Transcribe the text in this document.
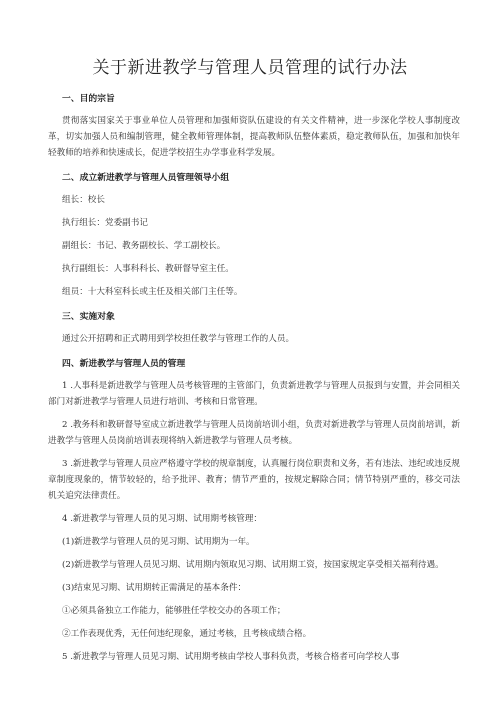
关于新进教学与管理人员管理的试行办法
一、目的宗旨
贯彻落实国家关于事业单位人员管理和加强师资队伍建设的有关文件精神，进一步深化学校人事制度改革，切实加强人员和编制管理，健全教师管理体制，提高教师队伍整体素质，稳定教师队伍，加强和加快年轻教师的培养和快速成长，促进学校招生办学事业科学发展。
二、成立新进教学与管理人员管理领导小组
组长：校长
执行组长：党委副书记
副组长：书记、教务副校长、学工副校长。
执行副组长：人事科科长、教研督导室主任。
组员：十大科室科长或主任及相关部门主任等。
三、实施对象
通过公开招聘和正式聘用到学校担任教学与管理工作的人员。
四、新进教学与管理人员的管理
1 .人事科是新进教学与管理人员考核管理的主管部门，负责新进教学与管理人员报到与安置，并会同相关部门对新进教学与管理人员进行培训、考核和日常管理。
2 .教务科和教研督导室成立新进教学与管理人员岗前培训小组，负责对新进教学与管理人员岗前培训，新进教学与管理人员岗前培训表现将纳入新进教学与管理人员考核。
3 .新进教学与管理人员应严格遵守学校的规章制度，认真履行岗位职责和义务，若有违法、违纪或违反规章制度现象的，情节较轻的，给予批评、教育；情节严重的，按规定解除合同；情节特别严重的，移交司法机关追究法律责任。
4 .新进教学与管理人员的见习期、试用期考核管理：
(1)新进教学与管理人员的见习期、试用期为一年。
(2)新进教学与管理人员见习期、试用期内领取见习期、试用期工资，按国家规定享受相关福利待遇。
(3)结束见习期、试用期转正需满足的基本条件：
①必须具备独立工作能力，能够胜任学校交办的各项工作；
②工作表现优秀，无任何违纪现象，通过考核，且考核成绩合格。
5 .新进教学与管理人员见习期、试用期考核由学校人事科负责，考核合格者可向学校人事
